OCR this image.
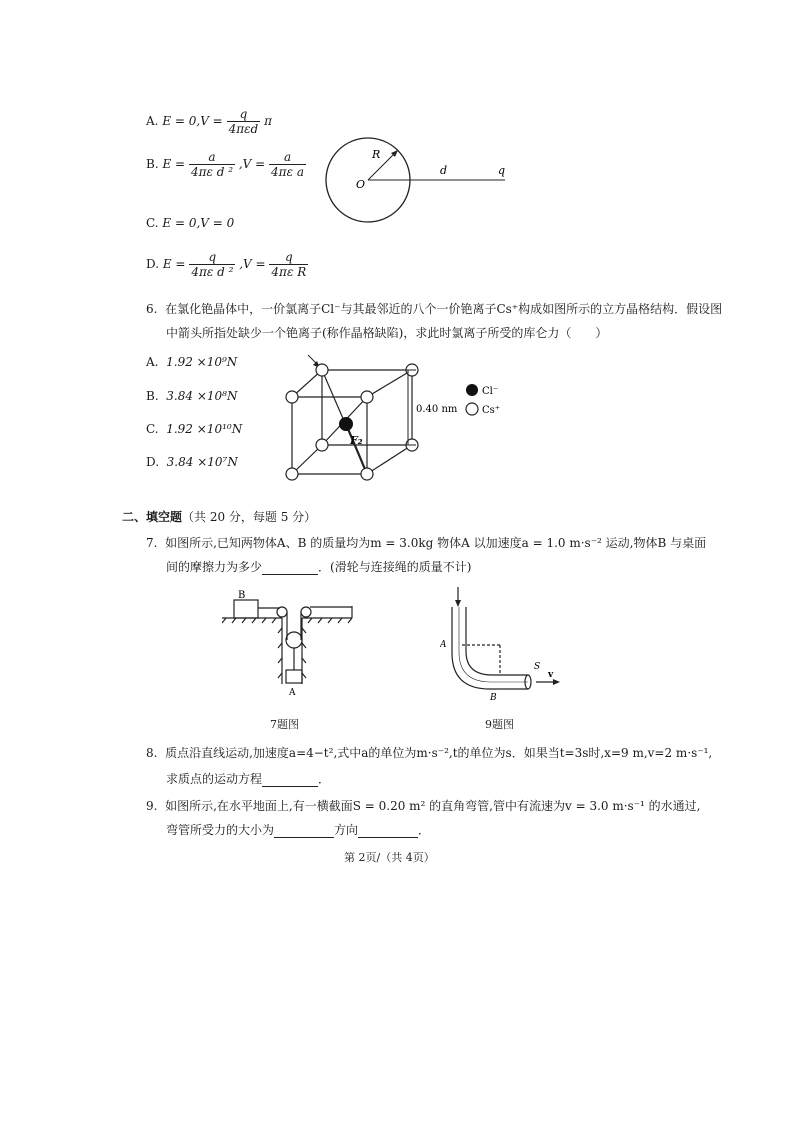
A. $E = 0,V = \frac{q}{\text{4πεd}}$ π
B. $E = \frac{a}{\text{4πε d ²}} ,V = \frac{a}{\text{4πε a}}$
C. E = 0,V = 0
D. $E = \frac{q}{\text{4πε d ²}} ,V = \frac{q}{\text{4πε R}}$
R
O
d	q
6. 在氯化铯晶体中，一价氯离子Cl⁻与其最邻近的八个一价铯离子Cs⁺构成如图所示的立方晶格结构．假设图
中箭头所指处缺少一个铯离子(称作晶格缺陷)，求此时氯离子所受的库仑力（　　）
A. 1.92 ×10⁹N
B. 3.84 ×10⁸N
C. 1.92 ×10¹⁰N
D. 3.84 ×10⁷N
F₂
0.40 nm
Cl⁻
Cs⁺
二、填空题（共 20 分，每题 5 分）
7. 如图所示,已知两物体A、B 的质量均为m = 3.0kg 物体A 以加速度a = 1.0 m·s⁻² 运动,物体B 与桌面
间的摩擦力为多少	．(滑轮与连接绳的质量不计)
B
A
7题图
A
B
S
v
9题图
8. 质点沿直线运动,加速度a=4−t²,式中a的单位为m·s⁻²,t的单位为s．如果当t=3s时,x=9 m,v=2 m·s⁻¹,
求质点的运动方程	．
9. 如图所示,在水平地面上,有一横截面S = 0.20 m² 的直角弯管,管中有流速为v = 3.0 m·s⁻¹ 的水通过,
弯管所受力的大小为	方向	．
第 2页/（共 4页）
